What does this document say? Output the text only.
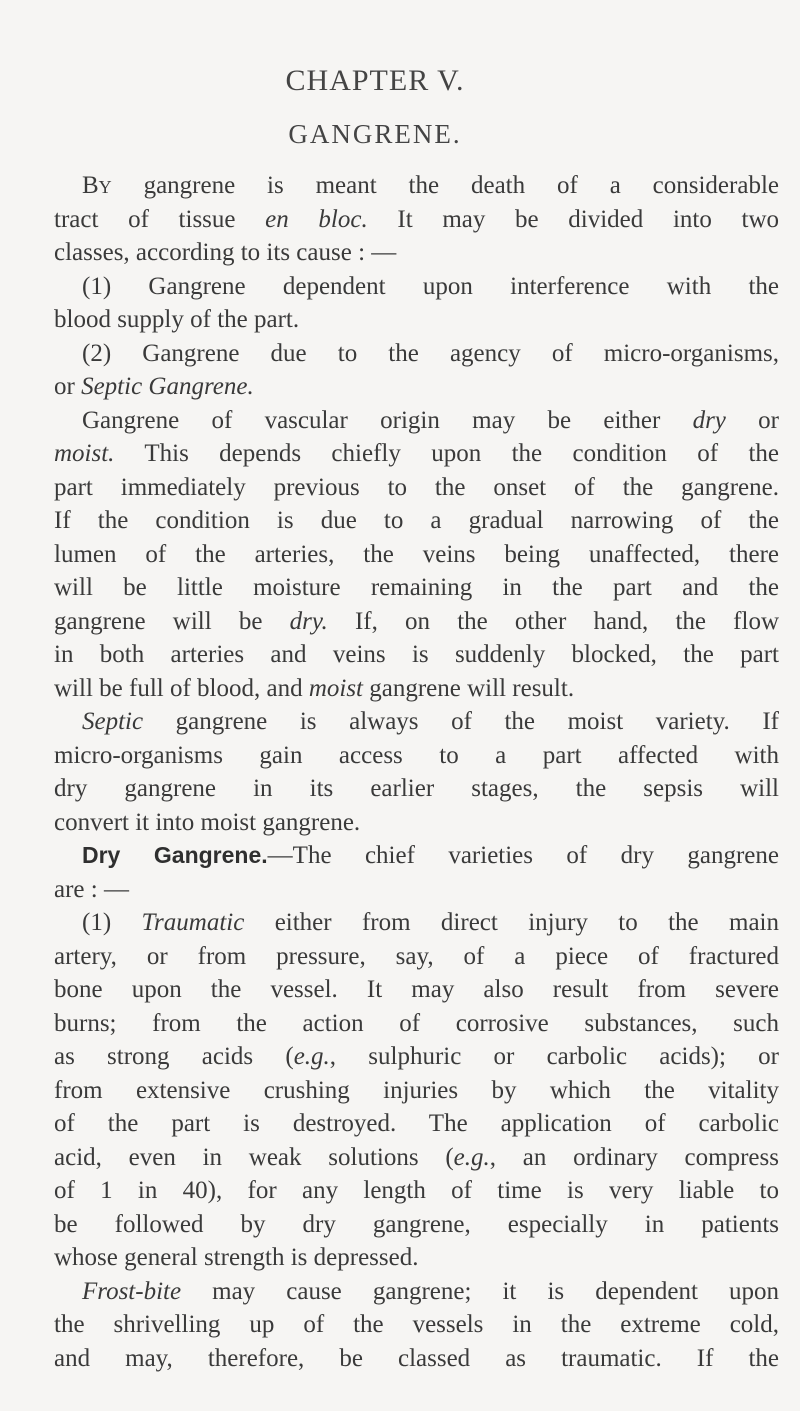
CHAPTER V.
GANGRENE.
By gangrene is meant the death of a considerable
tract of tissue en bloc. It may be divided into two
classes, according to its cause : —
(1) Gangrene dependent upon interference with the
blood supply of the part.
(2) Gangrene due to the agency of micro-organisms,
or Septic Gangrene.
Gangrene of vascular origin may be either dry or
moist. This depends chiefly upon the condition of the
part immediately previous to the onset of the gangrene.
If the condition is due to a gradual narrowing of the
lumen of the arteries, the veins being unaffected, there
will be little moisture remaining in the part and the
gangrene will be dry. If, on the other hand, the flow
in both arteries and veins is suddenly blocked, the part
will be full of blood, and moist gangrene will result.
Septic gangrene is always of the moist variety. If
micro-organisms gain access to a part affected with
dry gangrene in its earlier stages, the sepsis will
convert it into moist gangrene.
Dry Gangrene.—The chief varieties of dry gangrene
are : —
(1) Traumatic either from direct injury to the main
artery, or from pressure, say, of a piece of fractured
bone upon the vessel. It may also result from severe
burns; from the action of corrosive substances, such
as strong acids (e.g., sulphuric or carbolic acids); or
from extensive crushing injuries by which the vitality
of the part is destroyed. The application of carbolic
acid, even in weak solutions (e.g., an ordinary compress
of 1 in 40), for any length of time is very liable to
be followed by dry gangrene, especially in patients
whose general strength is depressed.
Frost-bite may cause gangrene; it is dependent upon
the shrivelling up of the vessels in the extreme cold,
and may, therefore, be classed as traumatic. If the
